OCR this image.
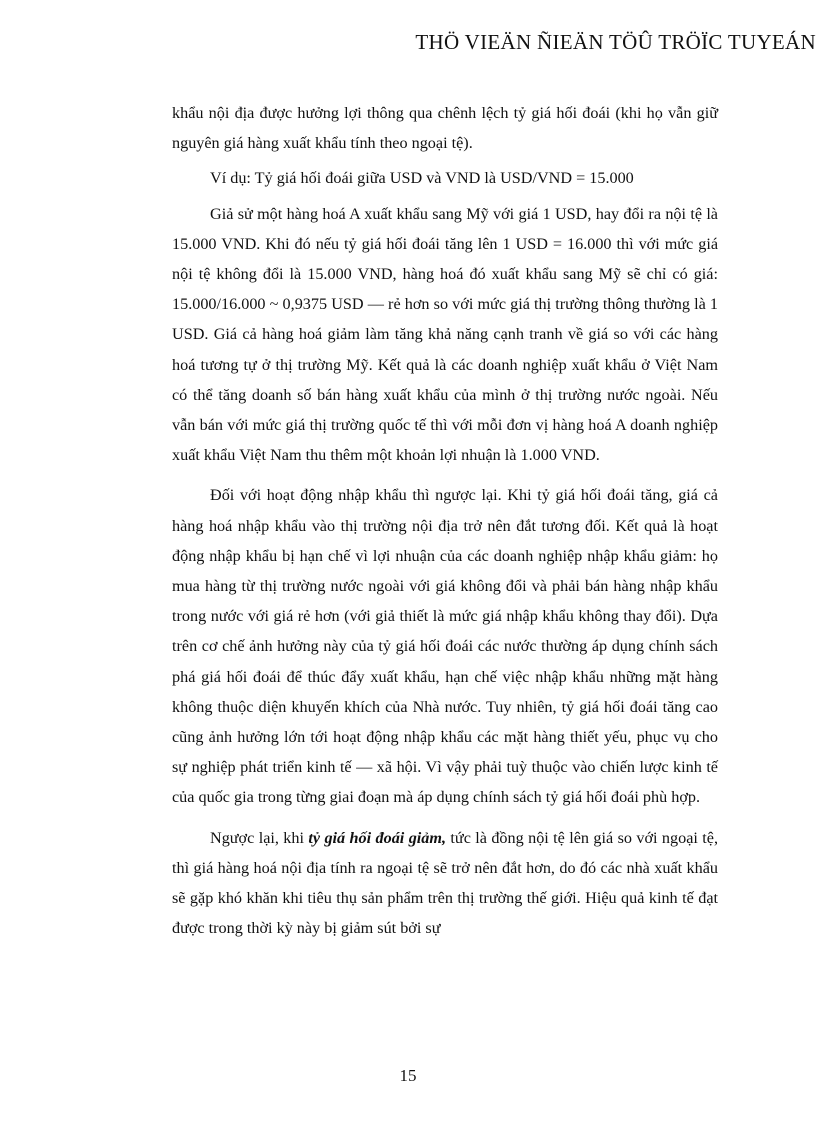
THÖ VIEÄN ÑIEÄN TÖÛ TRÖÏC TUYEÁN

khẩu nội địa được hưởng lợi thông qua chênh lệch tỷ giá hối đoái (khi họ vẫn giữ nguyên giá hàng xuất khẩu tính theo ngoại tệ).

Ví dụ: Tỷ giá hối đoái giữa USD và VND là USD/VND = 15.000

Giả sử một hàng hoá A xuất khẩu sang Mỹ với giá 1 USD, hay đổi ra nội tệ là 15.000 VND. Khi đó nếu tỷ giá hối đoái tăng lên 1 USD = 16.000 thì với mức giá nội tệ không đổi là 15.000 VND, hàng hoá đó xuất khẩu sang Mỹ sẽ chỉ có giá: 15.000/16.000 ~ 0,9375 USD — rẻ hơn so với mức giá thị trường thông thường là 1 USD. Giá cả hàng hoá giảm làm tăng khả năng cạnh tranh về giá so với các hàng hoá tương tự ở thị trường Mỹ. Kết quả là các doanh nghiệp xuất khẩu ở Việt Nam có thể tăng doanh số bán hàng xuất khẩu của mình ở thị trường nước ngoài. Nếu vẫn bán với mức giá thị trường quốc tế thì với mỗi đơn vị hàng hoá A doanh nghiệp xuất khẩu Việt Nam thu thêm một khoản lợi nhuận là 1.000 VND.

Đối với hoạt động nhập khẩu thì ngược lại. Khi tỷ giá hối đoái tăng, giá cả hàng hoá nhập khẩu vào thị trường nội địa trở nên đắt tương đối. Kết quả là hoạt động nhập khẩu bị hạn chế vì lợi nhuận của các doanh nghiệp nhập khẩu giảm: họ mua hàng từ thị trường nước ngoài với giá không đổi và phải bán hàng nhập khẩu trong nước với giá rẻ hơn (với giả thiết là mức giá nhập khẩu không thay đổi). Dựa trên cơ chế ảnh hưởng này của tỷ giá hối đoái các nước thường áp dụng chính sách phá giá hối đoái để thúc đẩy xuất khẩu, hạn chế việc nhập khẩu những mặt hàng không thuộc diện khuyến khích của Nhà nước. Tuy nhiên, tỷ giá hối đoái tăng cao cũng ảnh hưởng lớn tới hoạt động nhập khẩu các mặt hàng thiết yếu, phục vụ cho sự nghiệp phát triển kinh tế — xã hội. Vì vậy phải tuỳ thuộc vào chiến lược kinh tế của quốc gia trong từng giai đoạn mà áp dụng chính sách tỷ giá hối đoái phù hợp.

Ngược lại, khi tỷ giá hối đoái giảm, tức là đồng nội tệ lên giá so với ngoại tệ, thì giá hàng hoá nội địa tính ra ngoại tệ sẽ trở nên đắt hơn, do đó các nhà xuất khẩu sẽ gặp khó khăn khi tiêu thụ sản phẩm trên thị trường thế giới. Hiệu quả kinh tế đạt được trong thời kỳ này bị giảm sút bởi sự

15
